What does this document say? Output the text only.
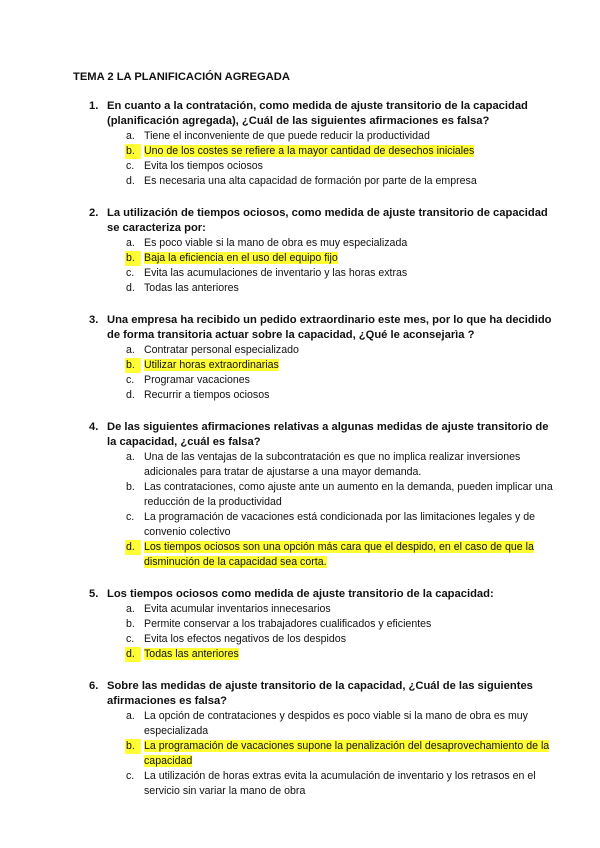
TEMA 2 LA PLANIFICACIÓN AGREGADA
1. En cuanto a la contratación, como medida de ajuste transitorio de la capacidad (planificación agregada), ¿Cuál de las siguientes afirmaciones es falsa?
a. Tiene el inconveniente de que puede reducir la productividad
b. Uno de los costes se refiere a la mayor cantidad de desechos iniciales
c. Evita los tiempos ociosos
d. Es necesaria una alta capacidad de formación por parte de la empresa
2. La utilización de tiempos ociosos, como medida de ajuste transitorio de capacidad se caracteriza por:
a. Es poco viable si la mano de obra es muy especializada
b. Baja la eficiencia en el uso del equipo fijo
c. Evita las acumulaciones de inventario y las horas extras
d. Todas las anteriores
3. Una empresa ha recibido un pedido extraordinario este mes, por lo que ha decidido de forma transitoria actuar sobre la capacidad, ¿Qué le aconsejarìa ?
a. Contratar personal especializado
b. Utilizar horas extraordinarias
c. Programar vacaciones
d. Recurrir a tiempos ociosos
4. De las siguientes afirmaciones relativas a algunas medidas de ajuste transitorio de la capacidad, ¿cuál es falsa?
a. Una de las ventajas de la subcontratación es que no implica realizar inversiones adicionales para tratar de ajustarse a una mayor demanda.
b. Las contrataciones, como ajuste ante un aumento en la demanda, pueden implicar una reducción de la productividad
c. La programación de vacaciones está condicionada por las limitaciones legales y de convenio colectivo
d. Los tiempos ociosos son una opción más cara que el despido, en el caso de que la disminución de la capacidad sea corta.
5. Los tiempos ociosos como medida de ajuste transitorio de la capacidad:
a. Evita acumular inventarios innecesarios
b. Permite conservar a los trabajadores cualificados y eficientes
c. Evita los efectos negativos de los despidos
d. Todas las anteriores
6. Sobre las medidas de ajuste transitorio de la capacidad, ¿Cuál de las siguientes afirmaciones es falsa?
a. La opción de contrataciones y despidos es poco viable si la mano de obra es muy especializada
b. La programación de vacaciones supone la penalización del desaprovechamiento de la capacidad
c. La utilización de horas extras evita la acumulación de inventario y los retrasos en el servicio sin variar la mano de obra
